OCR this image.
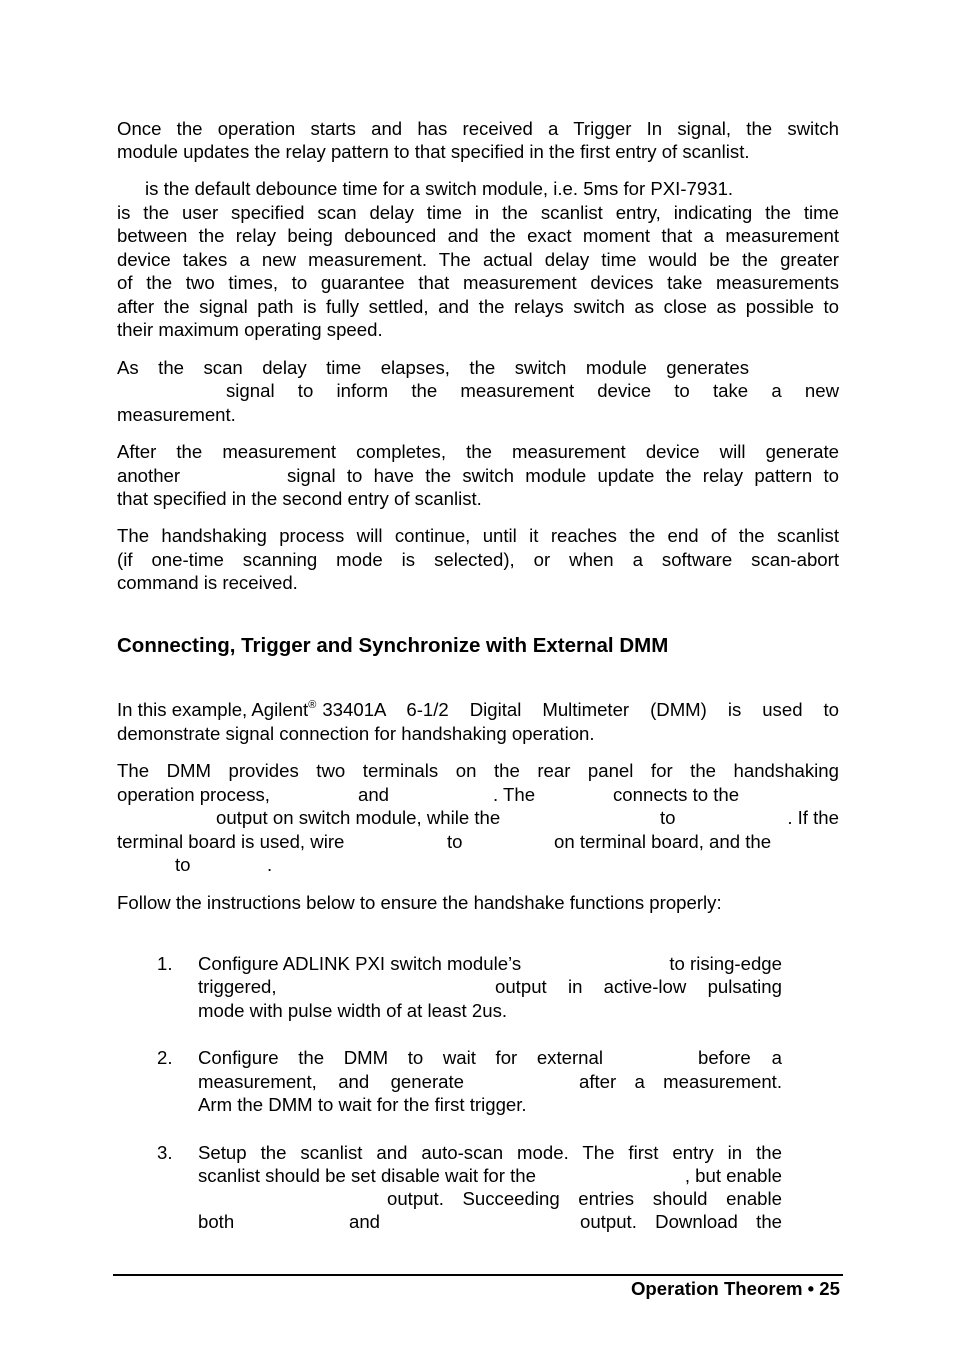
Once the operation starts and has received a Trigger In signal, the switch
module updates the relay pattern to that specified in the first entry of scanlist.
is the default debounce time for a switch module, i.e. 5ms for PXI-7931.
is the user specified scan delay time in the scanlist entry, indicating the time
between the relay being debounced and the exact moment that a measurement
device takes a new measurement. The actual delay time would be the greater
of the two times, to guarantee that measurement devices take measurements
after the signal path is fully settled, and the relays switch as close as possible to
their maximum operating speed.
As the scan delay time elapses, the switch module generates
signal to inform the measurement device to take a new
measurement.
After the measurement completes, the measurement device will generate
another	signal to have the switch module update the relay pattern to
that specified in the second entry of scanlist.
The handshaking process will continue, until it reaches the end of the scanlist
(if one-time scanning mode is selected), or when a software scan-abort
command is received.
Connecting, Trigger and Synchronize with External DMM
In this example, Agilent® 33401A 6-1/2 Digital Multimeter (DMM) is used to
demonstrate signal connection for handshaking operation.
The DMM provides two terminals on the rear panel for the handshaking
operation process,	and	. The	connects to the
output on switch module, while the	to	. If the
terminal board is used, wire	to	on terminal board, and the
to	.
Follow the instructions below to ensure the handshake functions properly:
1. Configure ADLINK PXI switch module’s	to rising-edge
triggered,	output in active-low pulsating
mode with pulse width of at least 2us.
2. Configure the DMM to wait for external	before a
measurement, and generate	after a measurement.
Arm the DMM to wait for the first trigger.
3. Setup the scanlist and auto-scan mode. The first entry in the
scanlist should be set disable wait for the	, but enable
output. Succeeding entries should enable
both	and	output. Download the
Operation Theorem • 25
